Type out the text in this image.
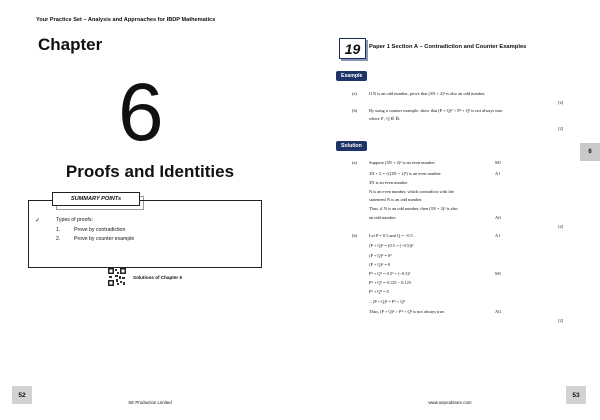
Your Practice Set – Analysis and Approaches for IBDP Mathematics
Chapter
6
Proofs and Identities
SUMMARY POINTs
✓	Types of proofs:
1.	Prove by contradiction
2.	Prove by counter example
Solutions of Chapter 6
52
SE Production Limited
19	Paper 1 Section A – Contradiction and Counter Examples
Example
(a)	If N is an odd number, prove that (3N + 2)² is also an odd number.
[2]
(b)	By using a counter example, show that (P + Q)³ > P³ + Q³ is not always true,
where P , Q ∈ ℝ.
[2]
Solution
(a)	Suppose (3N + 2)² is an even number.	M1
3N + 2 = √((3N + 2)²) is an even number	A1
3N is an even number
N is an even number, which contradicts with the
statement N is an odd number.
Thus, if N is an odd number, then (3N + 2)² is also
an odd number.	AG
[2]
(b)	Let P = 0.5 and Q = −0.5 .	A1
(P + Q)³ = (0.5 + (−0.5))³
(P + Q)³ = 0³
(P + Q)³ = 0
P³ + Q³ = 0.5³ + (−0.5)³	M1
P³ + Q³ = 0.125 − 0.125
P³ + Q³ = 0
∴ (P + Q)³ = P³ + Q³
Thus, (P + Q)³ > P³ + Q³ is not always true.	AG
[2]
6
53
www.seprodstore.com
